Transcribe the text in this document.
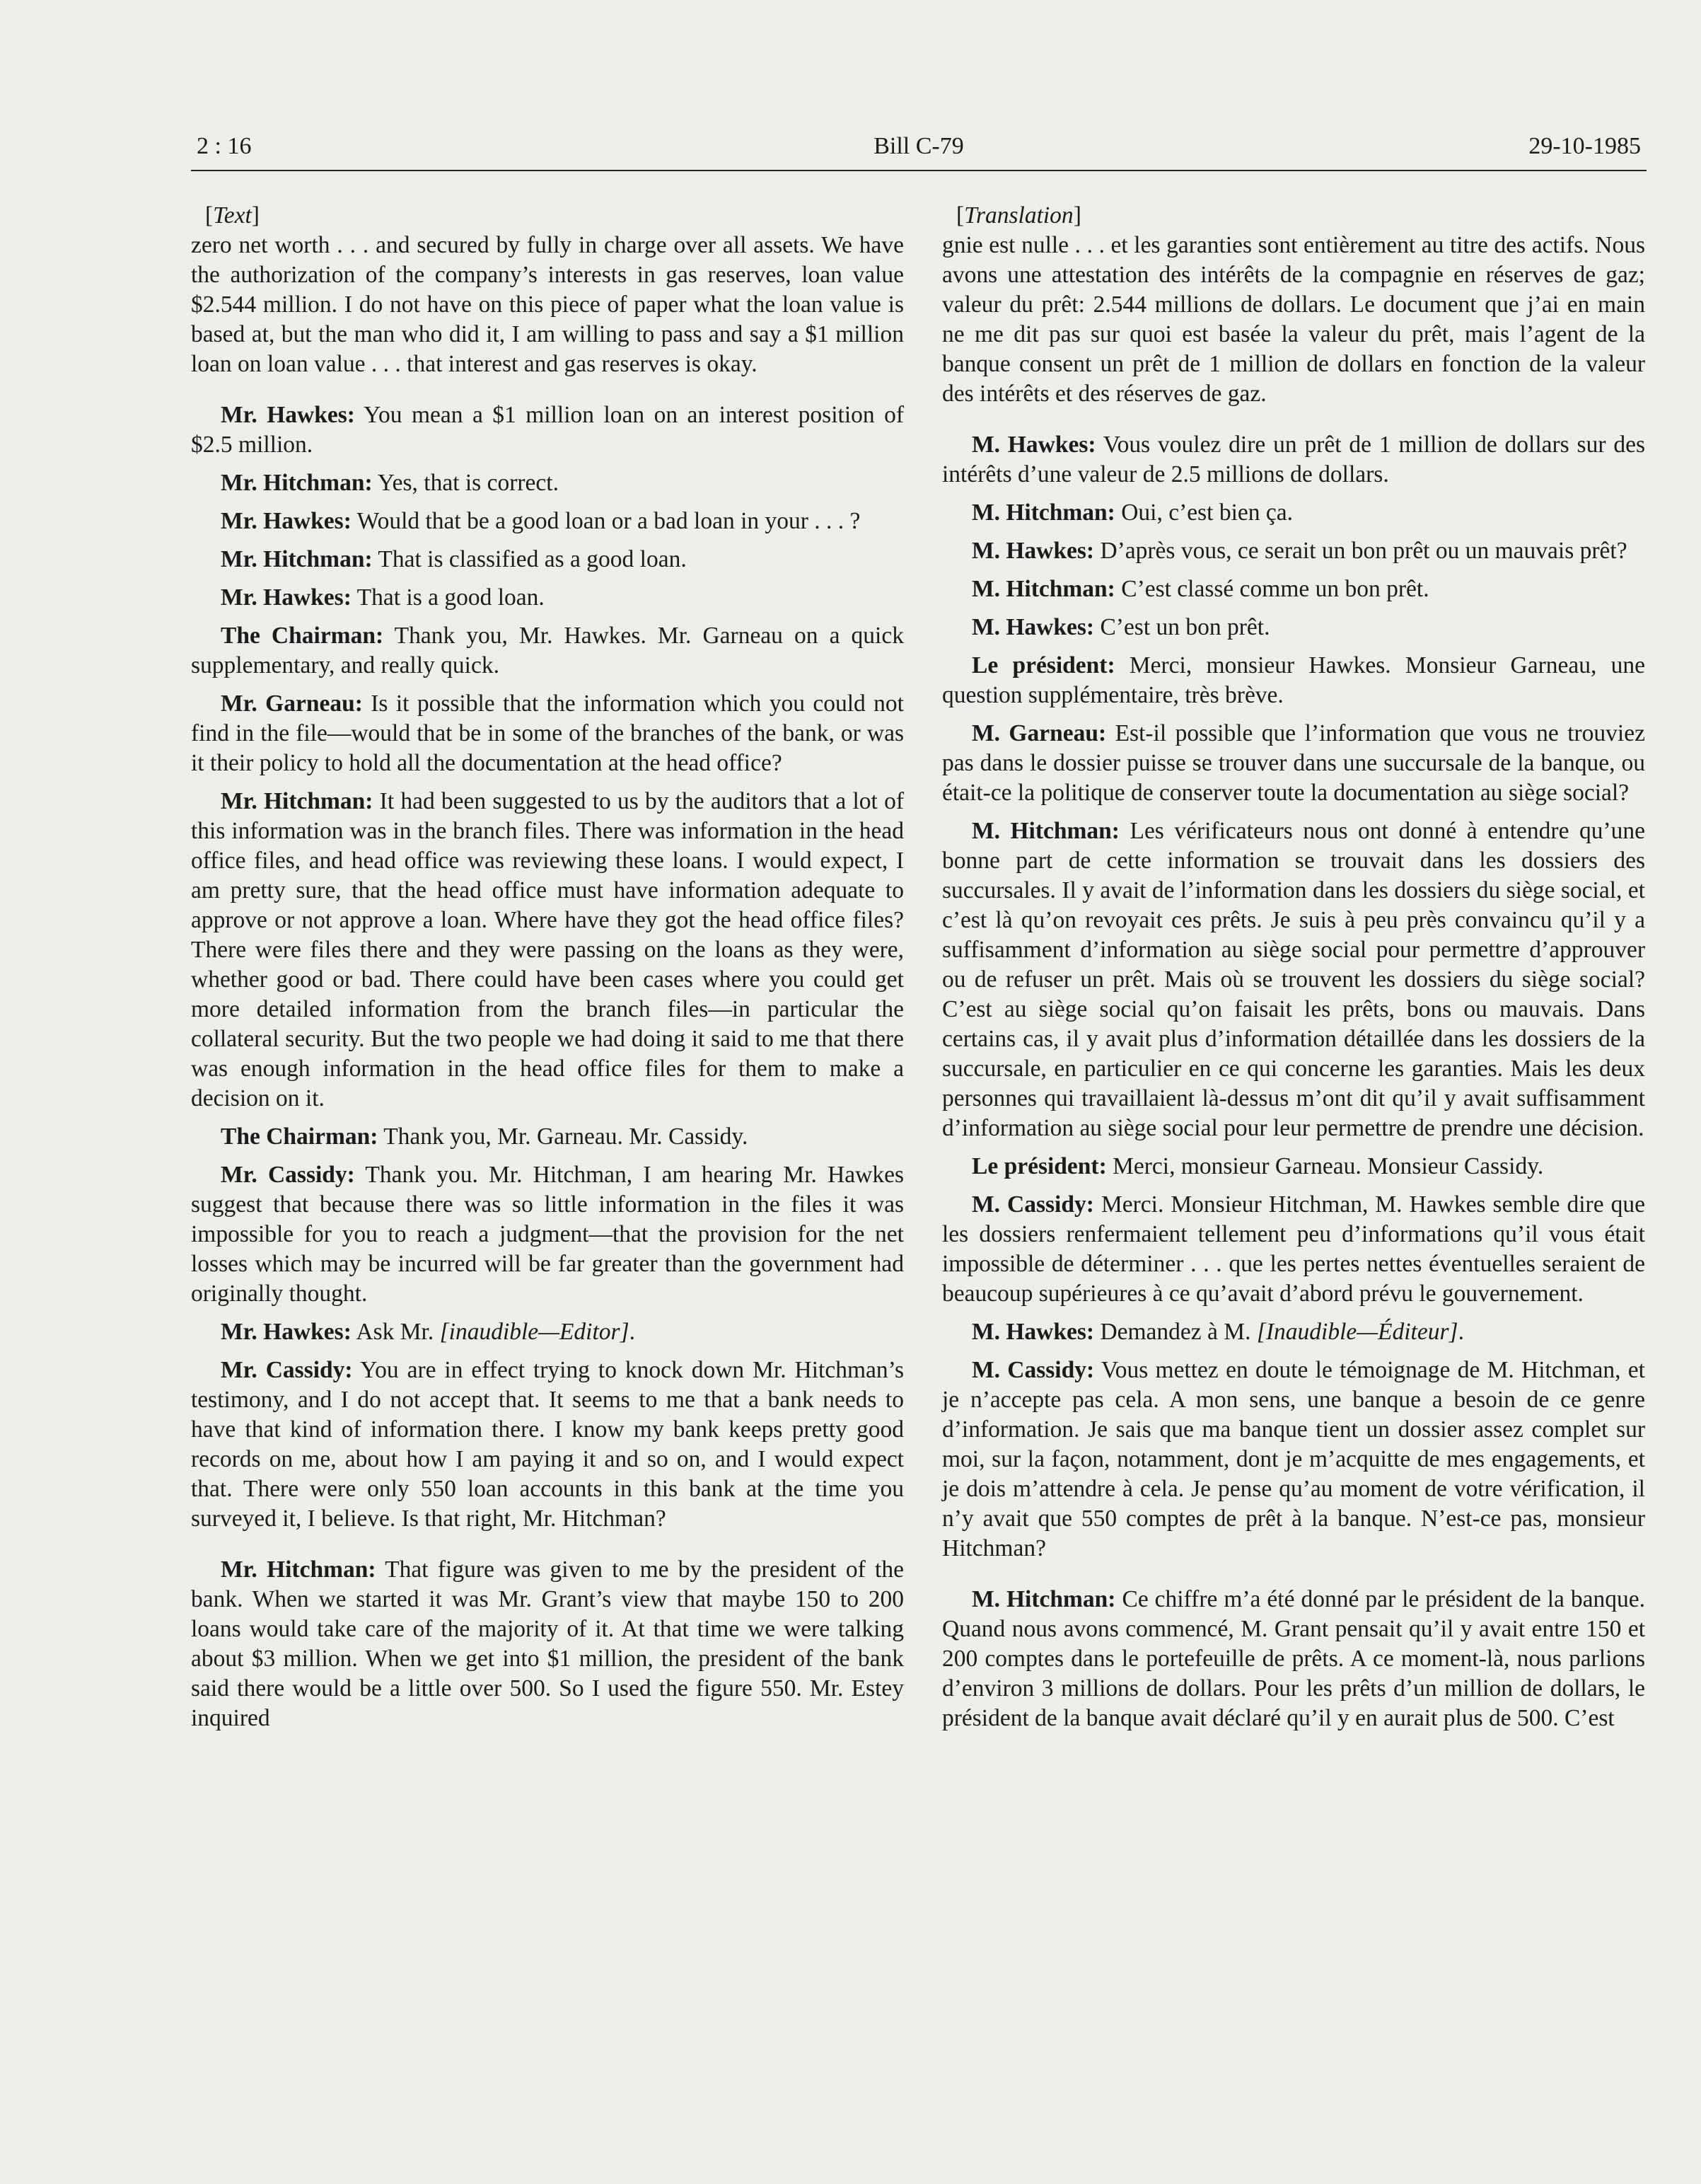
2 : 16	Bill C-79	29-10-1985

[Text]

zero net worth . . . and secured by fully in charge over all assets. We have the authorization of the company’s interests in gas reserves, loan value $2.544 million. I do not have on this piece of paper what the loan value is based at, but the man who did it, I am willing to pass and say a $1 million loan on loan value . . . that interest and gas reserves is okay.

Mr. Hawkes: You mean a $1 million loan on an interest position of $2.5 million.

Mr. Hitchman: Yes, that is correct.

Mr. Hawkes: Would that be a good loan or a bad loan in your . . . ?

Mr. Hitchman: That is classified as a good loan.

Mr. Hawkes: That is a good loan.

The Chairman: Thank you, Mr. Hawkes. Mr. Garneau on a quick supplementary, and really quick.

Mr. Garneau: Is it possible that the information which you could not find in the file—would that be in some of the branches of the bank, or was it their policy to hold all the documentation at the head office?

Mr. Hitchman: It had been suggested to us by the auditors that a lot of this information was in the branch files. There was information in the head office files, and head office was reviewing these loans. I would expect, I am pretty sure, that the head office must have information adequate to approve or not approve a loan. Where have they got the head office files? There were files there and they were passing on the loans as they were, whether good or bad. There could have been cases where you could get more detailed information from the branch files—in particular the collateral security. But the two people we had doing it said to me that there was enough information in the head office files for them to make a decision on it.

The Chairman: Thank you, Mr. Garneau. Mr. Cassidy.

Mr. Cassidy: Thank you. Mr. Hitchman, I am hearing Mr. Hawkes suggest that because there was so little information in the files it was impossible for you to reach a judgment—that the provision for the net losses which may be incurred will be far greater than the government had originally thought.

Mr. Hawkes: Ask Mr. [inaudible—Editor].

Mr. Cassidy: You are in effect trying to knock down Mr. Hitchman’s testimony, and I do not accept that. It seems to me that a bank needs to have that kind of information there. I know my bank keeps pretty good records on me, about how I am paying it and so on, and I would expect that. There were only 550 loan accounts in this bank at the time you surveyed it, I believe. Is that right, Mr. Hitchman?

Mr. Hitchman: That figure was given to me by the president of the bank. When we started it was Mr. Grant’s view that maybe 150 to 200 loans would take care of the majority of it. At that time we were talking about $3 million. When we get into $1 million, the president of the bank said there would be a little over 500. So I used the figure 550. Mr. Estey inquired

[Translation]

gnie est nulle . . . et les garanties sont entièrement au titre des actifs. Nous avons une attestation des intérêts de la compagnie en réserves de gaz; valeur du prêt: 2.544 millions de dollars. Le document que j’ai en main ne me dit pas sur quoi est basée la valeur du prêt, mais l’agent de la banque consent un prêt de 1 million de dollars en fonction de la valeur des intérêts et des réserves de gaz.

M. Hawkes: Vous voulez dire un prêt de 1 million de dollars sur des intérêts d’une valeur de 2.5 millions de dollars.

M. Hitchman: Oui, c’est bien ça.

M. Hawkes: D’après vous, ce serait un bon prêt ou un mauvais prêt?

M. Hitchman: C’est classé comme un bon prêt.

M. Hawkes: C’est un bon prêt.

Le président: Merci, monsieur Hawkes. Monsieur Garneau, une question supplémentaire, très brève.

M. Garneau: Est-il possible que l’information que vous ne trouviez pas dans le dossier puisse se trouver dans une succursale de la banque, ou était-ce la politique de conserver toute la documentation au siège social?

M. Hitchman: Les vérificateurs nous ont donné à entendre qu’une bonne part de cette information se trouvait dans les dossiers des succursales. Il y avait de l’information dans les dossiers du siège social, et c’est là qu’on revoyait ces prêts. Je suis à peu près convaincu qu’il y a suffisamment d’information au siège social pour permettre d’approuver ou de refuser un prêt. Mais où se trouvent les dossiers du siège social? C’est au siège social qu’on faisait les prêts, bons ou mauvais. Dans certains cas, il y avait plus d’information détaillée dans les dossiers de la succursale, en particulier en ce qui concerne les garanties. Mais les deux personnes qui travaillaient là-dessus m’ont dit qu’il y avait suffisamment d’information au siège social pour leur permettre de prendre une décision.

Le président: Merci, monsieur Garneau. Monsieur Cassidy.

M. Cassidy: Merci. Monsieur Hitchman, M. Hawkes semble dire que les dossiers renfermaient tellement peu d’informations qu’il vous était impossible de déterminer . . . que les pertes nettes éventuelles seraient de beaucoup supérieures à ce qu’avait d’abord prévu le gouvernement.

M. Hawkes: Demandez à M. [Inaudible—Éditeur].

M. Cassidy: Vous mettez en doute le témoignage de M. Hitchman, et je n’accepte pas cela. A mon sens, une banque a besoin de ce genre d’information. Je sais que ma banque tient un dossier assez complet sur moi, sur la façon, notamment, dont je m’acquitte de mes engagements, et je dois m’attendre à cela. Je pense qu’au moment de votre vérification, il n’y avait que 550 comptes de prêt à la banque. N’est-ce pas, monsieur Hitchman?

M. Hitchman: Ce chiffre m’a été donné par le président de la banque. Quand nous avons commencé, M. Grant pensait qu’il y avait entre 150 et 200 comptes dans le portefeuille de prêts. A ce moment-là, nous parlions d’environ 3 millions de dollars. Pour les prêts d’un million de dollars, le président de la banque avait déclaré qu’il y en aurait plus de 500. C’est
